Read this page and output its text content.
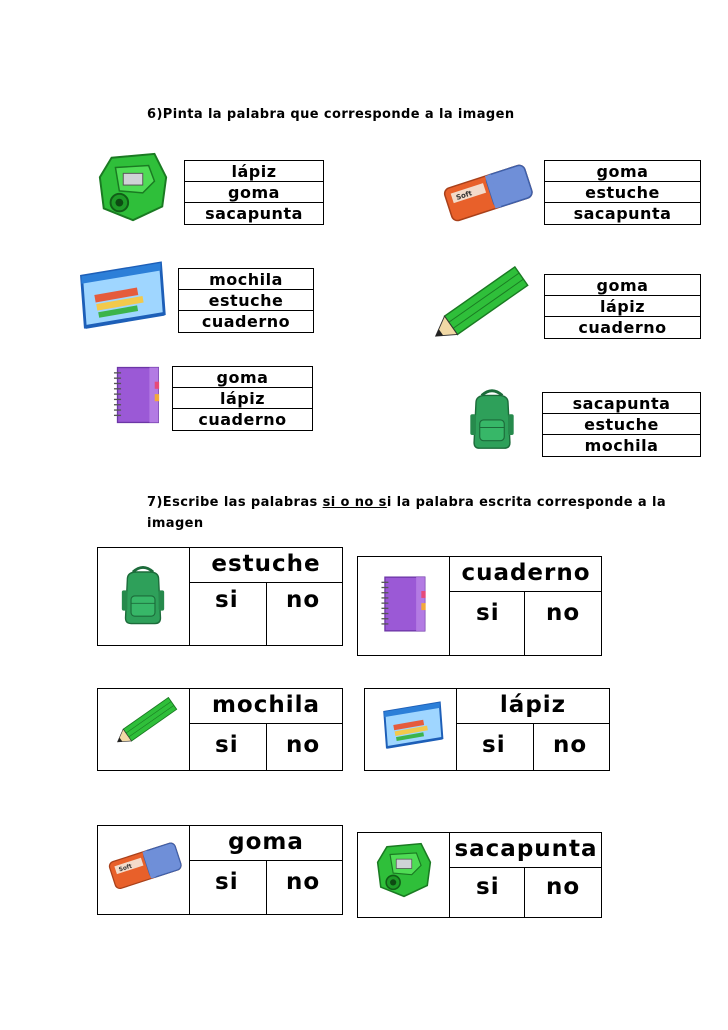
6)Pinta la palabra que corresponde a la imagen
lápiz
goma
sacapunta
goma
estuche
sacapunta
mochila
estuche
cuaderno
goma
lápiz
cuaderno
goma
lápiz
cuaderno
sacapunta
estuche
mochila
7)Escribe las palabras si o no si la palabra escrita corresponde a la imagen
estuche
si no
cuaderno
si no
mochila
si no
lápiz
si no
goma
si no
sacapunta
si no
